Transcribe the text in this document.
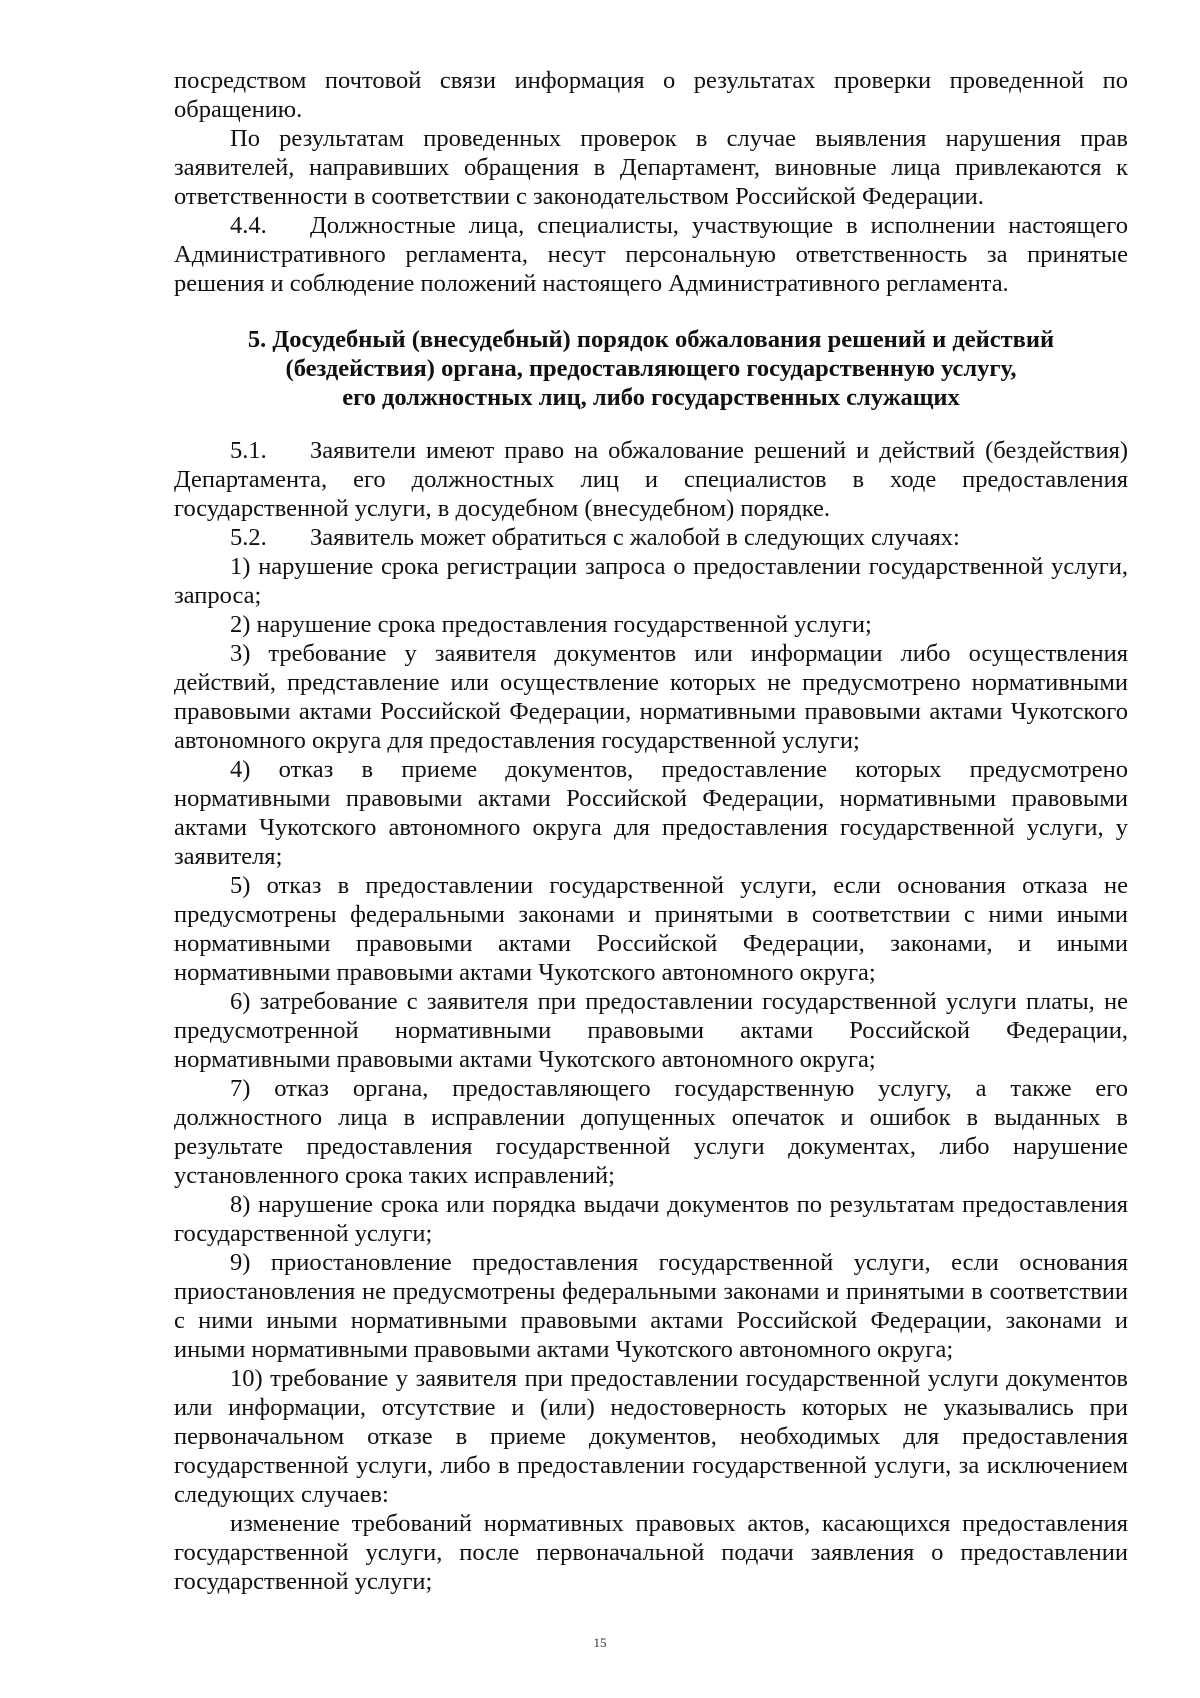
посредством почтовой связи информация о результатах проверки проведенной по обращению.

По результатам проведенных проверок в случае выявления нарушения прав заявителей, направивших обращения в Департамент, виновные лица привлекаются к ответственности в соответствии с законодательством Российской Федерации.

4.4. Должностные лица, специалисты, участвующие в исполнении настоящего Административного регламента, несут персональную ответственность за принятые решения и соблюдение положений настоящего Административного регламента.

5. Досудебный (внесудебный) порядок обжалования решений и действий
(бездействия) органа, предоставляющего государственную услугу,
его должностных лиц, либо государственных служащих

5.1. Заявители имеют право на обжалование решений и действий (бездействия) Департамента, его должностных лиц и специалистов в ходе предоставления государственной услуги, в досудебном (внесудебном) порядке.

5.2. Заявитель может обратиться с жалобой в следующих случаях:

1) нарушение срока регистрации запроса о предоставлении государственной услуги, запроса;

2) нарушение срока предоставления государственной услуги;

3) требование у заявителя документов или информации либо осуществления действий, представление или осуществление которых не предусмотрено нормативными правовыми актами Российской Федерации, нормативными правовыми актами Чукотского автономного округа для предоставления государственной услуги;

4) отказ в приеме документов, предоставление которых предусмотрено нормативными правовыми актами Российской Федерации, нормативными правовыми актами Чукотского автономного округа для предоставления государственной услуги, у заявителя;

5) отказ в предоставлении государственной услуги, если основания отказа не предусмотрены федеральными законами и принятыми в соответствии с ними иными нормативными правовыми актами Российской Федерации, законами, и иными нормативными правовыми актами Чукотского автономного округа;

6) затребование с заявителя при предоставлении государственной услуги платы, не предусмотренной нормативными правовыми актами Российской Федерации, нормативными правовыми актами Чукотского автономного округа;

7) отказ органа, предоставляющего государственную услугу, а также его должностного лица в исправлении допущенных опечаток и ошибок в выданных в результате предоставления государственной услуги документах, либо нарушение установленного срока таких исправлений;

8) нарушение срока или порядка выдачи документов по результатам предоставления государственной услуги;

9) приостановление предоставления государственной услуги, если основания приостановления не предусмотрены федеральными законами и принятыми в соответствии с ними иными нормативными правовыми актами Российской Федерации, законами и иными нормативными правовыми актами Чукотского автономного округа;

10) требование у заявителя при предоставлении государственной услуги документов или информации, отсутствие и (или) недостоверность которых не указывались при первоначальном отказе в приеме документов, необходимых для предоставления государственной услуги, либо в предоставлении государственной услуги, за исключением следующих случаев:

изменение требований нормативных правовых актов, касающихся предоставления государственной услуги, после первоначальной подачи заявления о предоставлении государственной услуги;

15
